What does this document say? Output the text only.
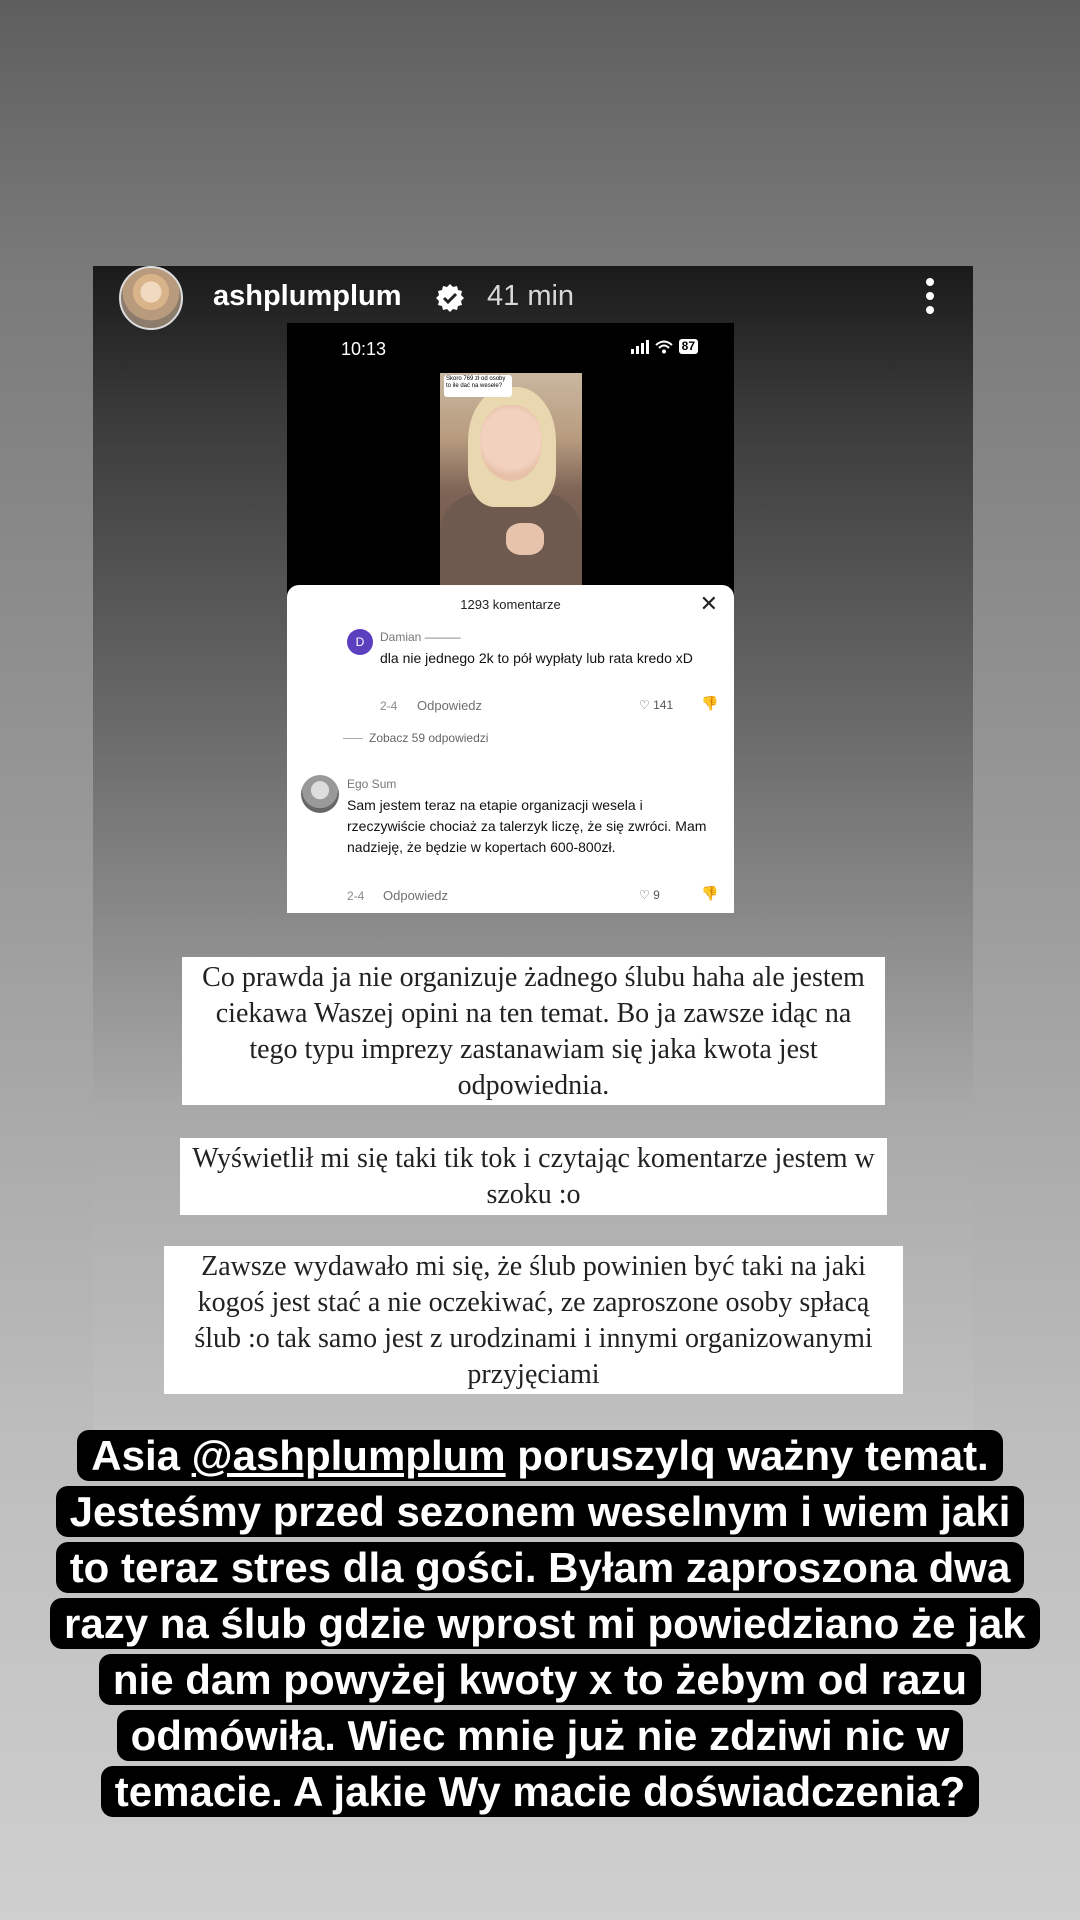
ashplumplum	41 min
10:13	87
Skoro 769 zł od osoby to ile dać na wesele?
1293 komentarze	✕
D	Damian ———
dla nie jednego 2k to pół wypłaty lub rata kredo xD
2-4 Odpowiedz	♡ 141 👎
Zobacz 59 odpowiedzi
Ego Sum
Sam jestem teraz na etapie organizacji wesela i rzeczywiście chociaż za talerzyk liczę, że się zwróci. Mam nadzieję, że będzie w kopertach 600-800zł.
2-4 Odpowiedz	♡ 9	👎
Co prawda ja nie organizuje żadnego ślubu haha ale jestem ciekawa Waszej opini na ten temat. Bo ja zawsze idąc na tego typu imprezy zastanawiam się jaka kwota jest odpowiednia.
Wyświetlił mi się taki tik tok i czytając komentarze jestem w szoku :o
Zawsze wydawało mi się, że ślub powinien być taki na jaki kogoś jest stać a nie oczekiwać, ze zaproszone osoby spłacą ślub :o tak samo jest z urodzinami i innymi organizowanymi przyjęciami
Asia @ashplumplum poruszylq ważny temat. Jesteśmy przed sezonem weselnym i wiem jaki to teraz stres dla gości. Byłam zaproszona dwa razy na ślub gdzie wprost mi powiedziano że jak nie dam powyżej kwoty x to żebym od razu odmówiła. Wiec mnie już nie zdziwi nic w temacie. A jakie Wy macie doświadczenia?
